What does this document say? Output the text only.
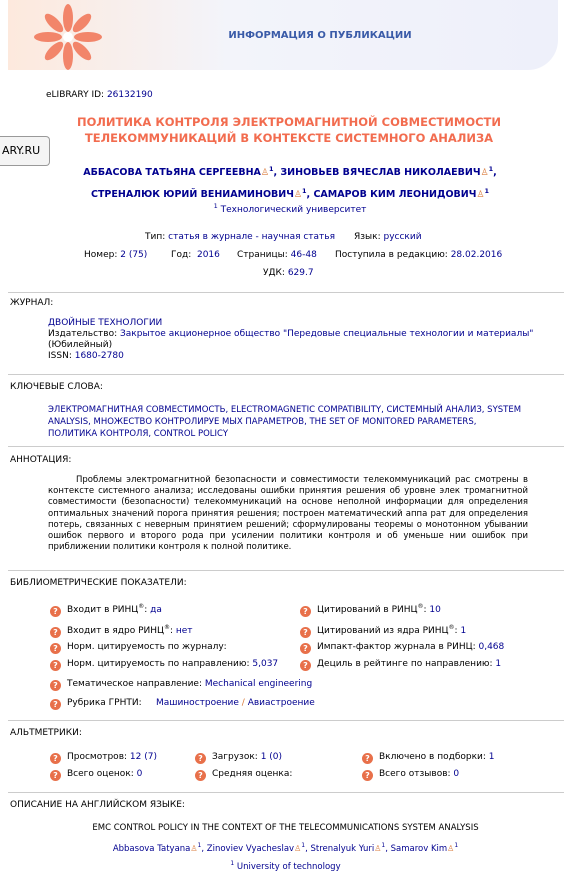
ИНФОРМАЦИЯ О ПУБЛИКАЦИИ
eLIBRARY ID: 26132190
ARY.RU
ПОЛИТИКА КОНТРОЛЯ ЭЛЕКТРОМАГНИТНОЙ СОВМЕСТИМОСТИ
ТЕЛЕКОММУНИКАЦИЙ В КОНТЕКСТЕ СИСТЕМНОГО АНАЛИЗА
АББАСОВА ТАТЬЯНА СЕРГЕЕВНА♙$^1$, ЗИНОВЬЕВ ВЯЧЕСЛАВ НИКОЛАЕВИЧ♙$^1$,
СТРЕНАЛЮК ЮРИЙ ВЕНИАМИНОВИЧ♙$^1$, САМАРОВ КИМ ЛЕОНИДОВИЧ♙$^1$
$^1$ Технологический университет
Тип: статья в журнале - научная статья Язык: русский
Номер: 2 (75)	Год: 2016 Страницы: 46-48 Поступила в редакцию: 28.02.2016
УДК: 629.7
ЖУРНАЛ:
ДВОЙНЫЕ ТЕХНОЛОГИИ
Издательство: Закрытое акционерное общество "Передовые специальные технологии и материалы"
(Юбилейный)
ISSN: 1680-2780
КЛЮЧЕВЫЕ СЛОВА:
ЭЛЕКТРОМАГНИТНАЯ СОВМЕСТИМОСТЬ, ELECTROMAGNETIC COMPATIBILITY, СИСТЕМНЫЙ АНАЛИЗ, SYSTEM ANALYSIS, МНОЖЕСТВО КОНТРОЛИРУЕ МЫХ ПАРАМЕТРОВ, THE SET OF MONITORED PARAMETERS, ПОЛИТИКА КОНТРОЛЯ, CONTROL POLICY
АННОТАЦИЯ:
Проблемы электромагнитной безопасности и совместимости телекоммуникаций рас смотрены в контексте системного анализа; исследованы ошибки принятия решения об уровне элек тромагнитной совместимости (безопасности) телекоммуникаций на основе неполной информации для определения оптимальных значений порога принятия решения; построен математический аппа рат для определения потерь, связанных с неверным принятием решений; сформулированы теоремы о монотонном убывании ошибок первого и второго рода при усилении политики контроля и об уменьше нии ошибок при приближении политики контроля к полной политике.
БИБЛИОМЕТРИЧЕСКИЕ ПОКАЗАТЕЛИ:
? Входит в РИНЦ®: да
? Входит в ядро РИНЦ®: нет
? Норм. цитируемость по журналу:
? Норм. цитируемость по направлению: 5,037
? Тематическое направление: Mechanical engineering
? Рубрика ГРНТИ: Машиностроение / Авиастроение
? Цитирований в РИНЦ®: 10
? Цитирований из ядра РИНЦ®: 1
? Импакт-фактор журнала в РИНЦ: 0,468
? Дециль в рейтинге по направлению: 1
АЛЬТМЕТРИКИ:
? Просмотров: 12 (7)
? Всего оценок: 0
? Загрузок: 1 (0)
? Средняя оценка:
? Включено в подборки: 1
? Всего отзывов: 0
ОПИСАНИЕ НА АНГЛИЙСКОМ ЯЗЫКЕ:
EMC CONTROL POLICY IN THE CONTEXT OF THE TELECOMMUNICATIONS SYSTEM ANALYSIS
Abbasova Tatyana♙$^1$, Zinoviev Vyacheslav♙$^1$, Strenalyuk Yuri♙$^1$, Samarov Kim♙$^1$
$^1$ University of technology
